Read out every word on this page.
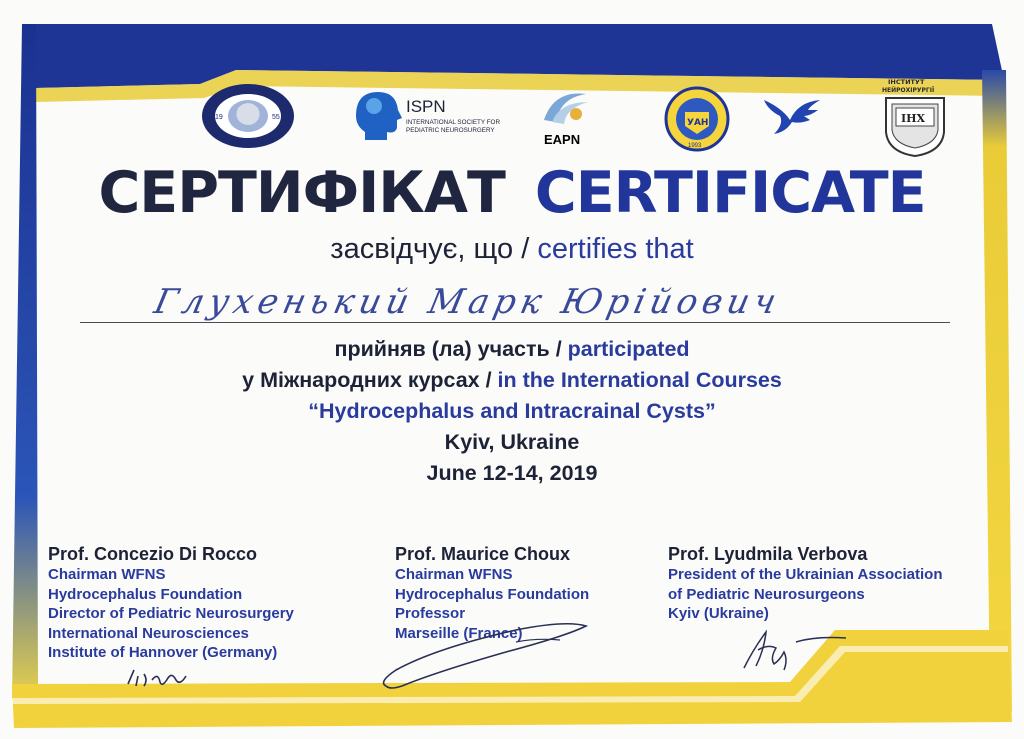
19	55
ISPN
INTERNATIONAL SOCIETY FOR
PEDIATRIC NEUROSURGERY
EAPN
УАН
1993
ІНСТИТУТ
НЕЙРОХІРУРГІЇ
ІНХ
СЕРТИФІКАТ CERTIFICATE
засвідчує, що / certifies that
Глухенький Марк Юрійович
прийняв (ла) участь / participated
у Міжнародних курсах / in the International Courses
“Hydrocephalus and Intracrainal Cysts”
Kyiv, Ukraine
June 12-14, 2019
Prof. Concezio Di Rocco
Chairman WFNS
Hydrocephalus Foundation
Director of Pediatric Neurosurgery
International Neurosciences
Institute of Hannover (Germany)
Prof. Maurice Choux
Chairman WFNS
Hydrocephalus Foundation
Professor
Marseille (France)
Prof. Lyudmila Verbova
President of the Ukrainian Association
of Pediatric Neurosurgeons
Kyiv (Ukraine)
